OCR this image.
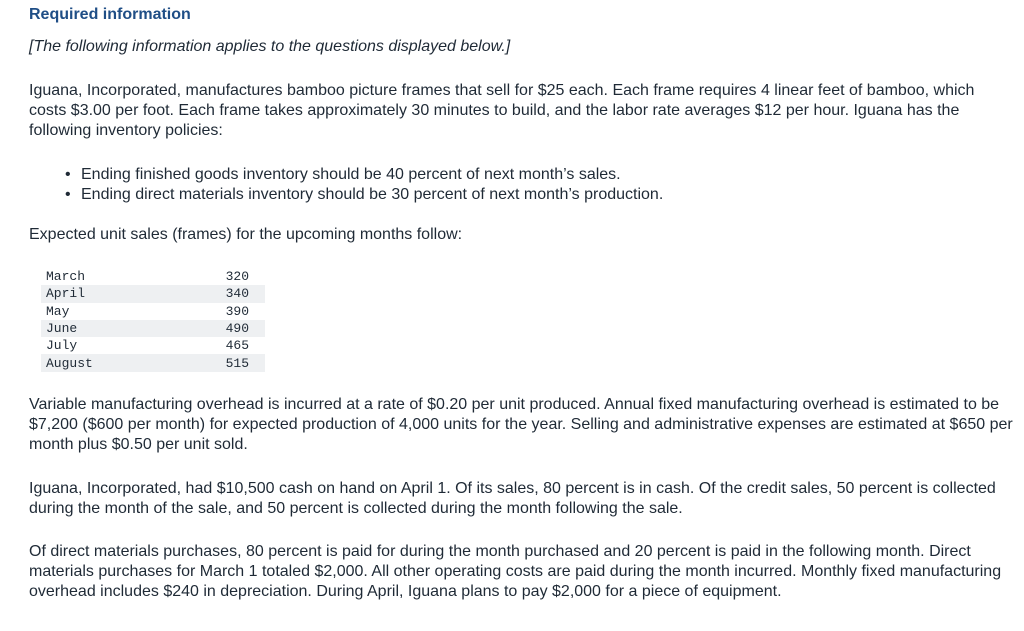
Required information
[The following information applies to the questions displayed below.]

Iguana, Incorporated, manufactures bamboo picture frames that sell for $25 each. Each frame requires 4 linear feet of bamboo, which costs $3.00 per foot. Each frame takes approximately 30 minutes to build, and the labor rate averages $12 per hour. Iguana has the following inventory policies:

• Ending finished goods inventory should be 40 percent of next month’s sales.
• Ending direct materials inventory should be 30 percent of next month’s production.

Expected unit sales (frames) for the upcoming months follow:

March	320
April	340
May	390
June	490
July	465
August	515

Variable manufacturing overhead is incurred at a rate of $0.20 per unit produced. Annual fixed manufacturing overhead is estimated to be $7,200 ($600 per month) for expected production of 4,000 units for the year. Selling and administrative expenses are estimated at $650 per month plus $0.50 per unit sold.

Iguana, Incorporated, had $10,500 cash on hand on April 1. Of its sales, 80 percent is in cash. Of the credit sales, 50 percent is collected during the month of the sale, and 50 percent is collected during the month following the sale.

Of direct materials purchases, 80 percent is paid for during the month purchased and 20 percent is paid in the following month. Direct materials purchases for March 1 totaled $2,000. All other operating costs are paid during the month incurred. Monthly fixed manufacturing overhead includes $240 in depreciation. During April, Iguana plans to pay $2,000 for a piece of equipment.
